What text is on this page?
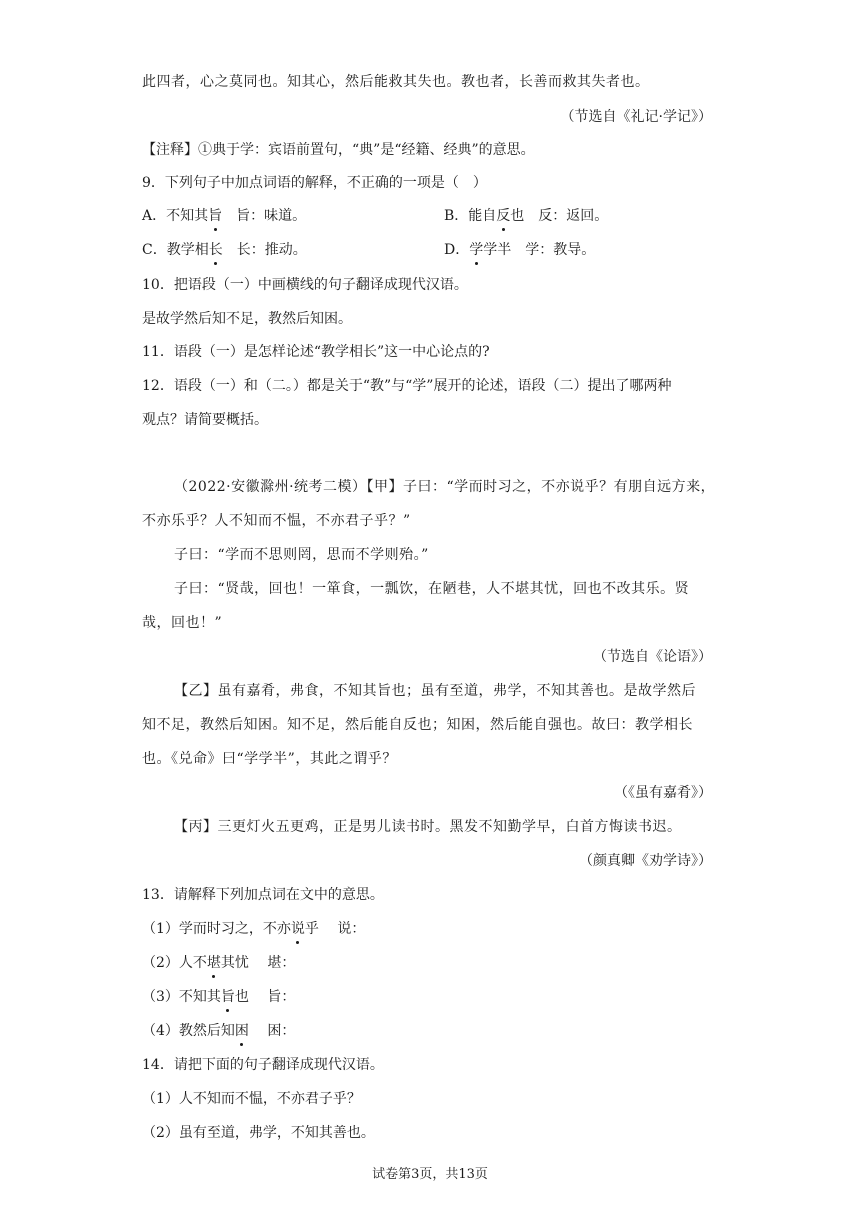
此四者，心之莫同也。知其心，然后能救其失也。教也者，长善而救其失者也。
（节选自《礼记·学记》）
【注释】①典于学：宾语前置句，“典”是“经籍、经典”的意思。
9．下列句子中加点词语的解释，不正确的一项是（　）
A．不知其旨　旨：味道。	B．能自反也　反：返回。
C．教学相长　长：推动。	D．学学半　学：教导。
10．把语段（一）中画横线的句子翻译成现代汉语。
是故学然后知不足，教然后知困。
11．语段（一）是怎样论述“教学相长”这一中心论点的?
12．语段（一）和（二。）都是关于“教”与“学”展开的论述，语段（二）提出了哪两种
观点？请简要概括。
（2022·安徽滁州·统考二模）【甲】子曰：“学而时习之，不亦说乎？有朋自远方来，
不亦乐乎？人不知而不愠，不亦君子乎？”
子曰：“学而不思则罔，思而不学则殆。”
子曰：“贤哉，回也！一箪食，一瓢饮，在陋巷，人不堪其忧，回也不改其乐。贤
哉，回也！”
（节选自《论语》）
【乙】虽有嘉肴，弗食，不知其旨也；虽有至道，弗学，不知其善也。是故学然后
知不足，教然后知困。知不足，然后能自反也；知困，然后能自强也。故曰：教学相长
也。《兑命》曰“学学半”，其此之谓乎？
（《虽有嘉肴》）
【丙】三更灯火五更鸡，正是男儿读书时。黑发不知勤学早，白首方悔读书迟。
（颜真卿《劝学诗》）
13．请解释下列加点词在文中的意思。
（1）学而时习之，不亦说乎　 说：
（2）人不堪其忧　 堪：
（3）不知其旨也　 旨：
（4）教然后知困　 困：
14．请把下面的句子翻译成现代汉语。
（1）人不知而不愠，不亦君子乎？
（2）虽有至道，弗学，不知其善也。
试卷第3页，共13页
